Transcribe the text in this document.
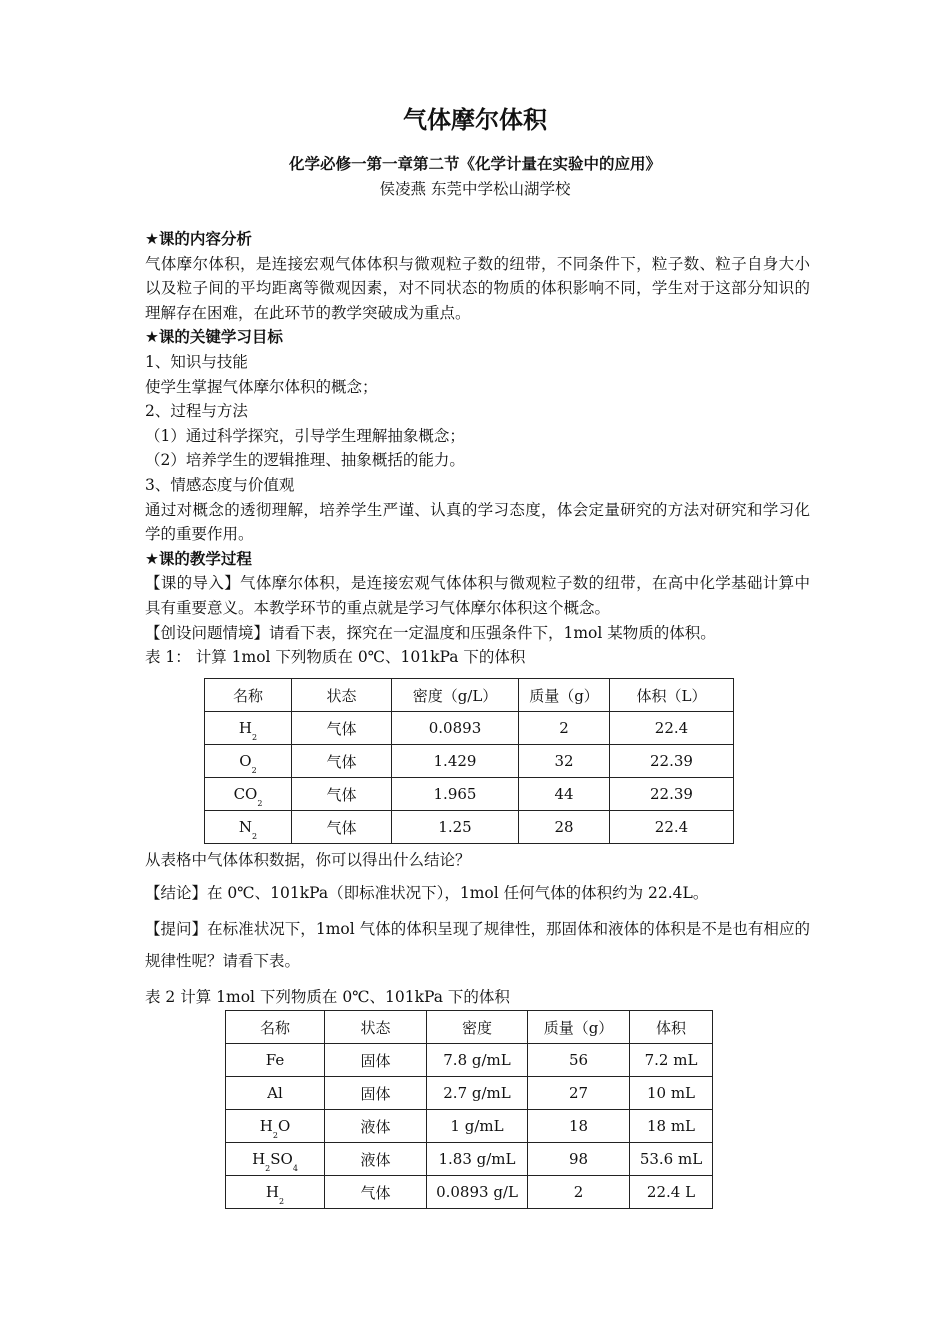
气体摩尔体积
化学必修一第一章第二节《化学计量在实验中的应用》
侯凌燕 东莞中学松山湖学校

★课的内容分析

气体摩尔体积，是连接宏观气体体积与微观粒子数的纽带，不同条件下，粒子数、粒子自身大小以及粒子间的平均距离等微观因素，对不同状态的物质的体积影响不同，学生对于这部分知识的理解存在困难，在此环节的教学突破成为重点。

★课的关键学习目标

1、知识与技能

使学生掌握气体摩尔体积的概念；

2、过程与方法

（1）通过科学探究，引导学生理解抽象概念；

（2）培养学生的逻辑推理、抽象概括的能力。

3、情感态度与价值观

通过对概念的透彻理解，培养学生严谨、认真的学习态度，体会定量研究的方法对研究和学习化学的重要作用。

★课的教学过程

【课的导入】气体摩尔体积，是连接宏观气体体积与微观粒子数的纽带，在高中化学基础计算中具有重要意义。本教学环节的重点就是学习气体摩尔体积这个概念。

【创设问题情境】请看下表，探究在一定温度和压强条件下，1mol 某物质的体积。

表 1： 计算 1mol 下列物质在 0℃、101kPa 下的体积

名称	状态	密度（g/L）	质量（g）	体积（L）
$H_2$	气体	0.0893	2	22.4
$O_2$	气体	1.429	32	22.39
$CO_2$	气体	1.965	44	22.39
$N_2$	气体	1.25	28	22.4

从表格中气体体积数据，你可以得出什么结论？

【结论】在 0℃、101kPa（即标准状况下），1mol 任何气体的体积约为 22.4L。

【提问】在标准状况下，1mol 气体的体积呈现了规律性，那固体和液体的体积是不是也有相应的规律性呢？请看下表。

表 2 计算 1mol 下列物质在 0℃、101kPa 下的体积

名称	状态	密度	质量（g）	体积
Fe	固体	7.8 g/mL	56	7.2 mL
Al	固体	2.7 g/mL	27	10 mL
$H_2O$	液体	1 g/mL	18	18 mL
$H_2SO_4$	液体	1.83 g/mL	98	53.6 mL
$H_2$	气体	0.0893 g/L	2	22.4 L
